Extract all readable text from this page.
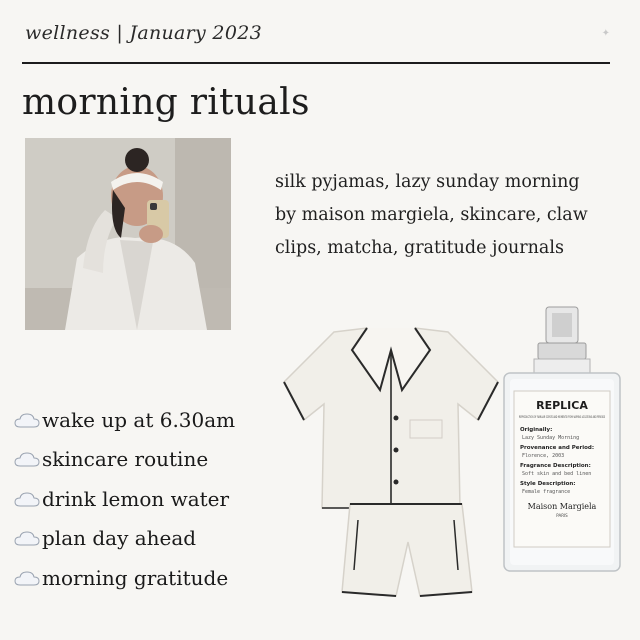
wellness | January 2023	✦
morning rituals
silk pyjamas, lazy sunday morning
by maison margiela, skincare, claw
clips, matcha, gratitude journals
wake up at 6.30am
skincare routine
drink lemon water
plan day ahead
morning gratitude
REPLICA
REPRODUCTION OF FAMILIAR SCENTS AND MOMENTS FROM VARYING LOCATIONS AND PERIODS
Originally:
Lazy Sunday Morning
Provenance and Period:
Florence, 2003
Fragrance Description:
Soft skin and bed linen
Style Description:
Female fragrance
Maison Margiela
PARIS
